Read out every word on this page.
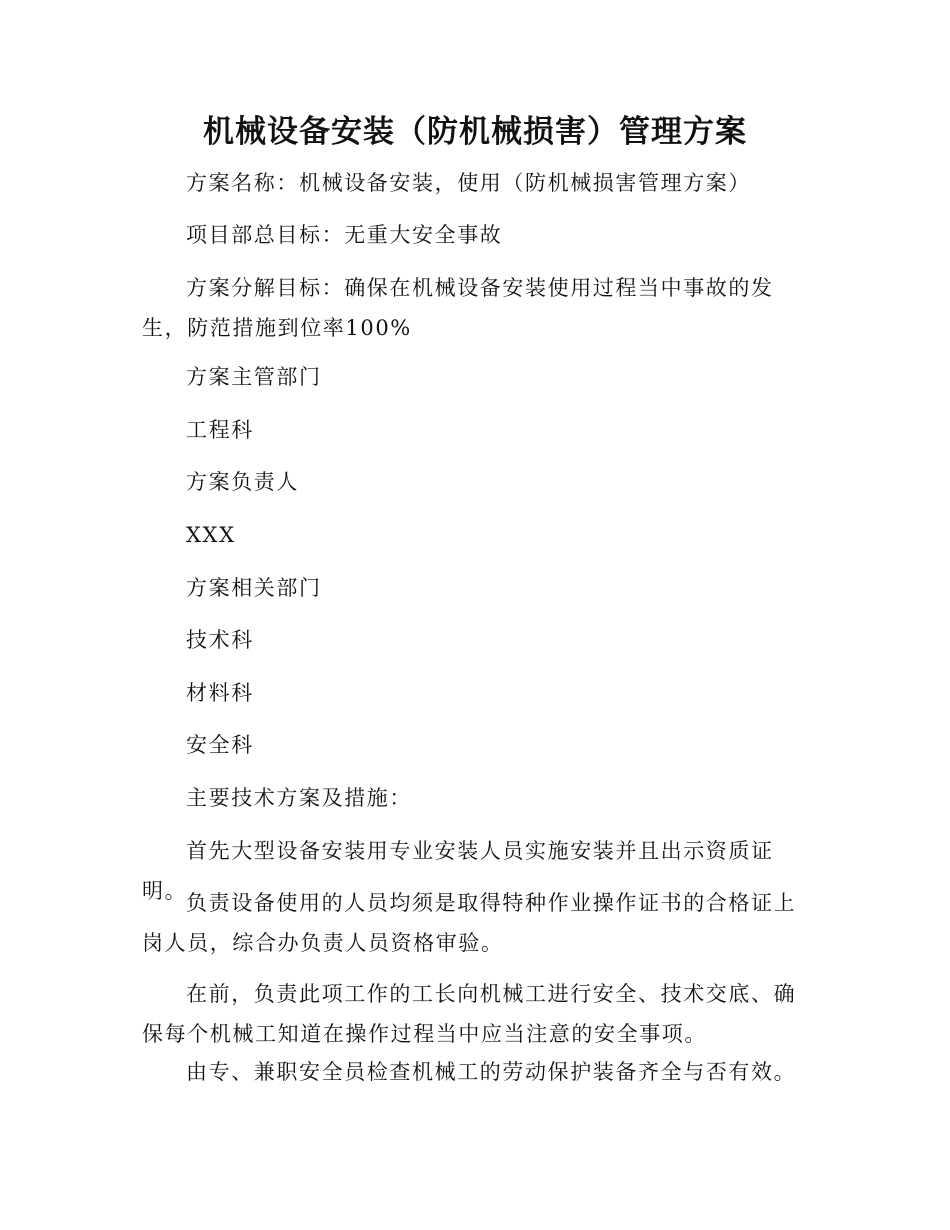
机械设备安装（防机械损害）管理方案

方案名称：机械设备安装，使用（防机械损害管理方案）

项目部总目标：无重大安全事故

方案分解目标：确保在机械设备安装使用过程当中事故的发生，防范措施到位率100%

方案主管部门

工程科

方案负责人

XXX

方案相关部门

技术科

材料科

安全科

主要技术方案及措施：

首先大型设备安装用专业安装人员实施安装并且出示资质证明。

负责设备使用的人员均须是取得特种作业操作证书的合格证上岗人员，综合办负责人员资格审验。

在前，负责此项工作的工长向机械工进行安全、技术交底、确保每个机械工知道在操作过程当中应当注意的安全事项。

由专、兼职安全员检查机械工的劳动保护装备齐全与否有效。
